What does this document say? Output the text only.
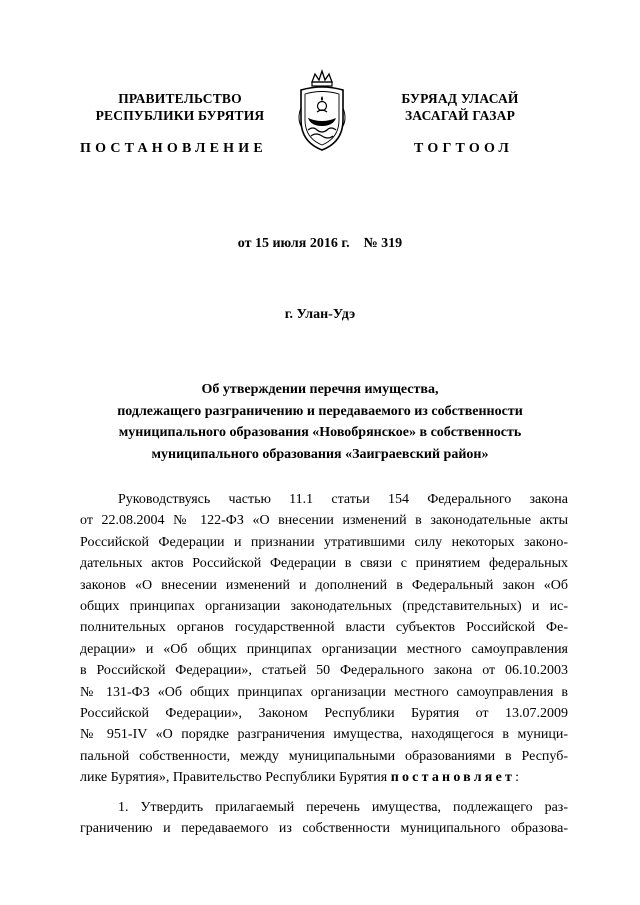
ПРАВИТЕЛЬСТВО
РЕСПУБЛИКИ БУРЯТИЯ
БУРЯАД УЛАСАЙ
ЗАСАГАЙ ГАЗАР
ПОСТАНОВЛЕНИЕ	ТОГТООЛ
от 15 июля 2016 г.    № 319
г. Улан-Удэ
Об утверждении перечня имущества,
подлежащего разграничению и передаваемого из собственности
муниципального образования «Новобрянское» в собственность
муниципального образования «Заиграевский район»
Руководствуясь частью 11.1 статьи 154 Федерального закона
от 22.08.2004 № 122-ФЗ «О внесении изменений в законодательные акты
Российской Федерации и признании утратившими силу некоторых законо-
дательных актов Российской Федерации в связи с принятием федеральных
законов «О внесении изменений и дополнений в Федеральный закон «Об
общих принципах организации законодательных (представительных) и ис-
полнительных органов государственной власти субъектов Российской Фе-
дерации» и «Об общих принципах организации местного самоуправления
в Российской Федерации», статьей 50 Федерального закона от 06.10.2003
№ 131-ФЗ «Об общих принципах организации местного самоуправления в
Российской Федерации», Законом Республики Бурятия от 13.07.2009
№ 951-IV «О порядке разграничения имущества, находящегося в муници-
пальной собственности, между муниципальными образованиями в Респуб-
лике Бурятия», Правительство Республики Бурятия постановляет:
1. Утвердить прилагаемый перечень имущества, подлежащего раз-
граничению и передаваемого из собственности муниципального образова-
